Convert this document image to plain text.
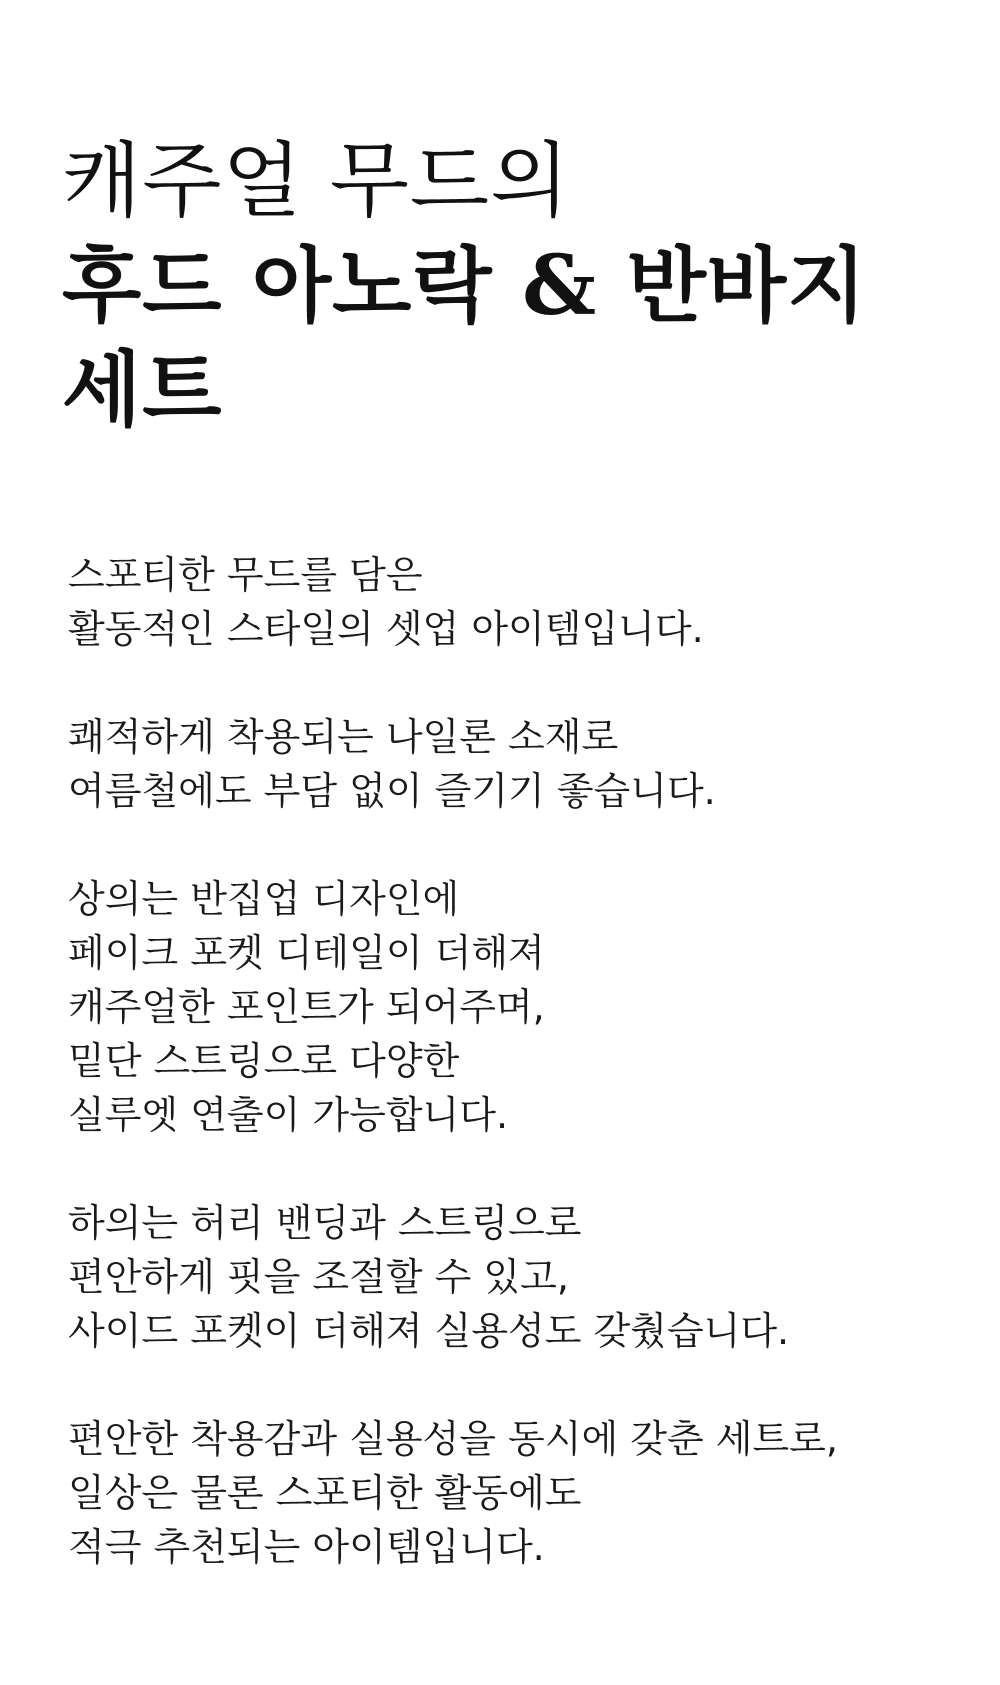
캐주얼 무드의
후드 아노락 & 반바지
세트

스포티한 무드를 담은
활동적인 스타일의 셋업 아이템입니다.

쾌적하게 착용되는 나일론 소재로
여름철에도 부담 없이 즐기기 좋습니다.

상의는 반집업 디자인에
페이크 포켓 디테일이 더해져
캐주얼한 포인트가 되어주며,
밑단 스트링으로 다양한
실루엣 연출이 가능합니다.

하의는 허리 밴딩과 스트링으로
편안하게 핏을 조절할 수 있고,
사이드 포켓이 더해져 실용성도 갖췄습니다.

편안한 착용감과 실용성을 동시에 갖춘 세트로,
일상은 물론 스포티한 활동에도
적극 추천되는 아이템입니다.
